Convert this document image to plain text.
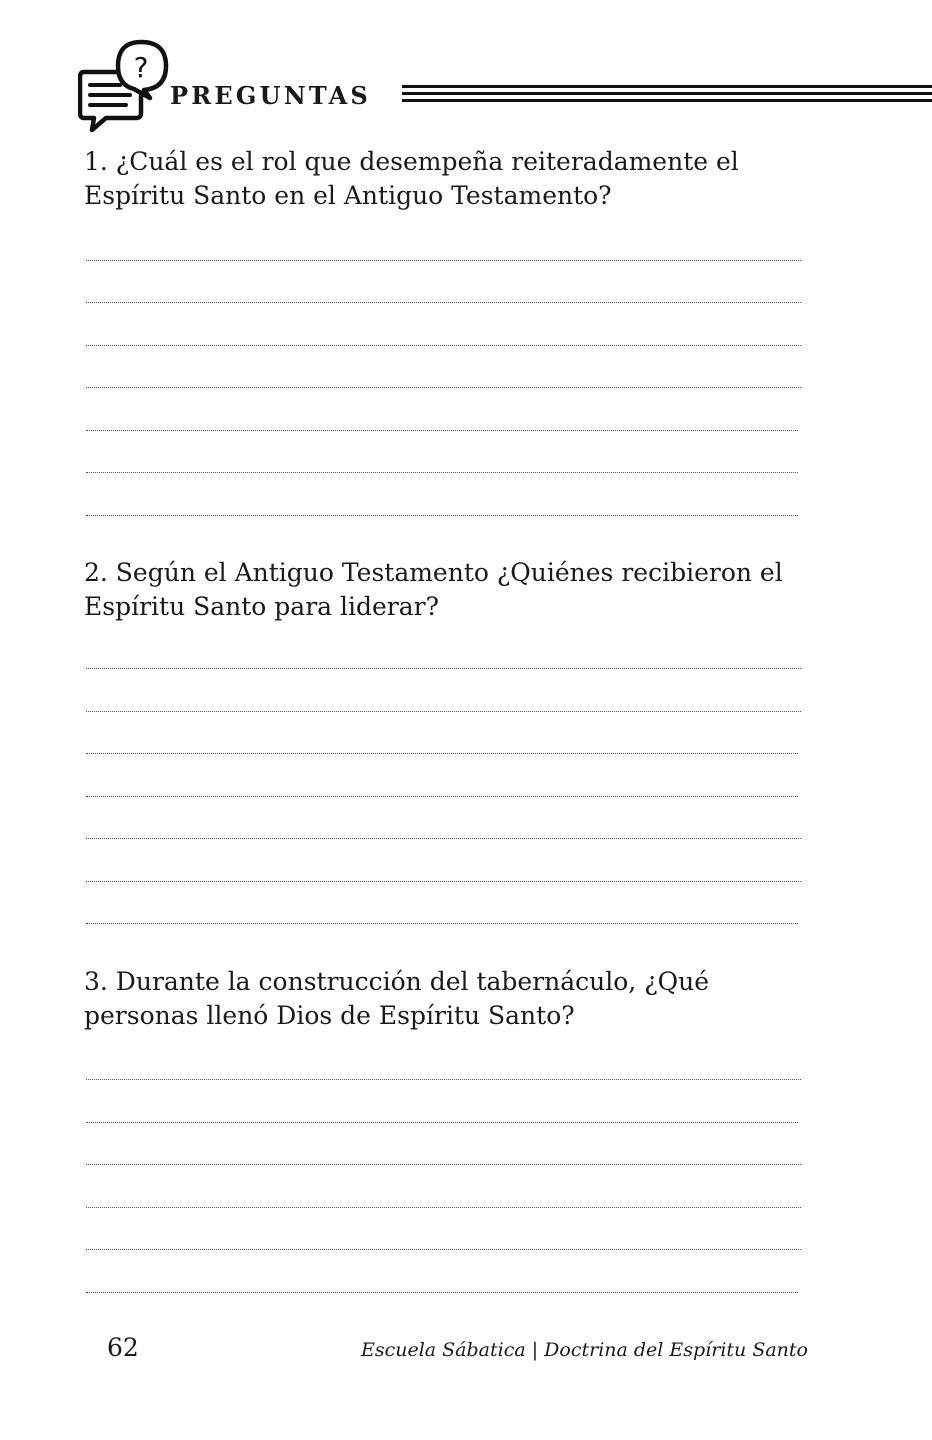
?
PREGUNTAS
1. ¿Cuál es el rol que desempeña reiteradamente el Espíritu Santo en el Antiguo Testamento?
2. Según el Antiguo Testamento ¿Quiénes recibieron el Espíritu Santo para liderar?
3. Durante la construcción del tabernáculo, ¿Qué personas llenó Dios de Espíritu Santo?
62	Escuela Sábatica | Doctrina del Espíritu Santo
